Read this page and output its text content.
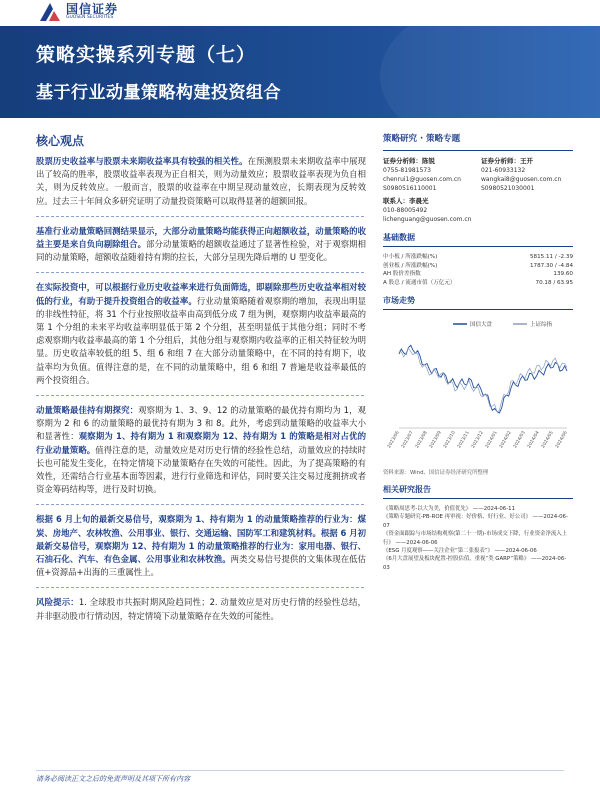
国信证券
GUOSEN SECURITIES
策略实操系列专题（七）
基于行业动量策略构建投资组合
核心观点

股票历史收益率与股票未来期收益率具有较强的相关性。在预测股票未来期收益率中展现出了较高的胜率，股票收益率表现为正自相关，则为动量效应；股票收益率表现为负自相关，则为反转效应。一般而言，股票的收益率在中期呈现动量效应，长期表现为反转效应。过去三十年间众多研究证明了动量投资策略可以取得显著的超额回报。

基准行业动量策略回测结果显示，大部分动量策略均能获得正向超额收益，动量策略的收益主要是来自负向剔除组合。部分动量策略的超额收益通过了显著性检验，对于观察期相同的动量策略，超额收益随着持有期的拉长，大部分呈现先降后增的 U 型变化。

在实际投资中，可以根据行业历史收益率来进行负面筛选，即剔除那些历史收益率相对较低的行业，有助于提升投资组合的收益率。行业动量策略随着观察期的增加，表现出明显的非线性特征，将 31 个行业按照收益率由高到低分成 7 组为例，观察期内收益率最高的第 1 个分组的未来平均收益率明显低于第 2 个分组，甚至明显低于其他分组；同时不考虑观察期内收益率最高的第 1 个分组后，其他分组与观察期内收益率的正相关特征较为明显。历史收益率较低的组 5、组 6 和组 7 在大部分动量策略中，在不同的持有期下，收益率均为负值。值得注意的是，在不同的动量策略中，组 6 和组 7 普遍是收益率最低的两个投资组合。

动量策略最佳持有期探究：观察期为 1、3、9、12 的动量策略的最优持有期均为 1，观察期为 2 和 6 的动量策略的最优持有期为 3 和 8。此外，考虑到动量策略的收益率大小和显著性：观察期为 1、持有期为 1 和观察期为 12、持有期为 1 的策略是相对占优的行业动量策略。值得注意的是，动量效应是对历史行情的经验性总结，动量效应的持续时长也可能发生变化，在特定情境下动量策略存在失效的可能性。因此，为了提高策略的有效性，还需结合行业基本面等因素，进行行业筛选和评估，同时要关注交易过度拥挤或者资金筹码结构等，进行及时切换。

根据 6 月上旬的最新交易信号，观察期为 1、持有期为 1 的动量策略推荐的行业为：煤炭、房地产、农林牧渔、公用事业、银行、交通运输、国防军工和建筑材料。根据 6 月初最新交易信号，观察期为 12、持有期为 1 的动量策略推荐的行业为：家用电器、银行、石油石化、汽车、有色金属、公用事业和农林牧渔。两类交易信号提供的文集体现在低估值+资源品+出海的三重属性上。

风险提示：1. 全球股市共振时期风险趋同性；2. 动量效应是对历史行情的经验性总结，并非驱动股市行情动因，特定情境下动量策略存在失效的可能性。

策略研究 · 策略专题
证券分析师：陈锐
0755-81981573
chenrui1@guosen.com.cn
S0980516110001
证券分析师：王开
021-60933132
wangkai8@guosen.com.cn
S0980521030001
联系人：李晨光
010-88005492
lichenguang@guosen.com.cn
基础数据
中小板 / 所涨跌幅(%)	5815.11 / -2.39
创业板 / 所涨跌幅(%)	1787.30 / -4.84
AH 股价差指数	139.60
A 股总 / 流通市值（万亿元）	70.18 / 63.95
市场走势
国信大盘	上证综指
2023/06 2023/07 2023/08 2023/09 2023/10 2023/11 2023/12 2024/01 2024/02 2024/03 2024/04 2024/05 2024/06
资料来源：Wind、国信证券经济研究所整理
相关研究报告
《策略周思考-以大为美，价值优先》 ——2024-06-11
《策略专题研究-PB-ROE 再审视：好价格、好行业、好公司》 ——2024-06-07
《资金面跟踪与市场结构观察(第二十一期)-市场成交下降，行业资金净流入上行》 ——2024-06-06
《ESG 月度观察——关注企业“第二张报表”》 ——2024-06-06
《6月大盘展望及板块配置-控股估值，重视“类 GARP”策略》 ——2024-06-03
请务必阅读正文之后的免责声明及其项下所有内容
